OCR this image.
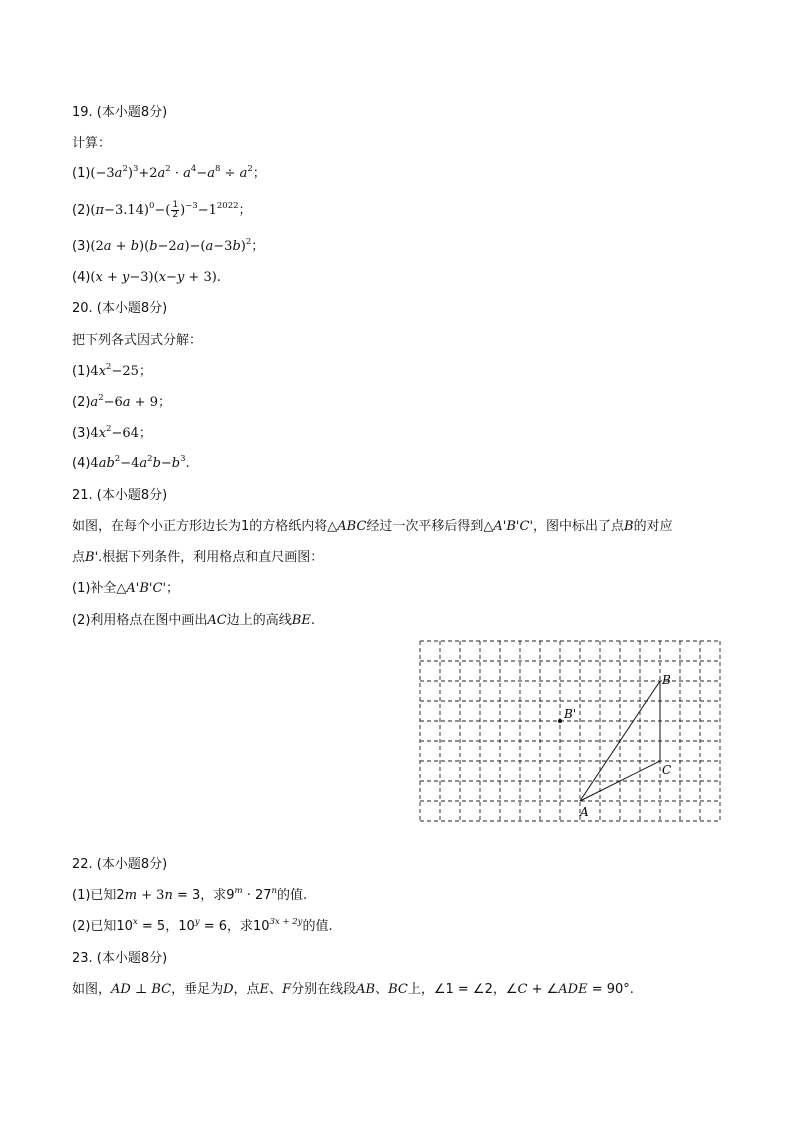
19. (本小题8分)
计算：
$(1)(-3a^2)^3+2a^2 \cdot a^4-a^8 \div a^2$；
$(2)(\pi-3.14)^0-( \frac{1}{2} )^{-3}-1^{2022}$；
$(3)(2a + b)(b-2a)-(a-3b)^2$；
(4)(x + y−3)(x−y + 3).
20. (本小题8分)
把下列各式因式分解：
$(1)4x^2-25$；
$(2)a^2-6a + 9$；
$(3)4x^2-64$；
$(4)4ab^2-4a^2b-b^3$.
21. (本小题8分)
如图，在每个小正方形边长为1的方格纸内将△ABC经过一次平移后得到△A'B'C'，图中标出了点B的对应
点B'.根据下列条件，利用格点和直尺画图：
(1)补全△A'B'C'；
(2)利用格点在图中画出AC边上的高线BE.
B
C
A
B'
22. (本小题8分)
(1)已知2m + 3n = 3，求$9^m \cdot 27^n$的值.
(2)已知$10^x = 5$，$10^y = 6$，求$10^{3x + 2y}$的值.
23. (本小题8分)
如图，AD ⊥ BC，垂足为D，点E、F分别在线段AB、BC上，∠1 = ∠2，∠C + ∠ADE = 90°.
